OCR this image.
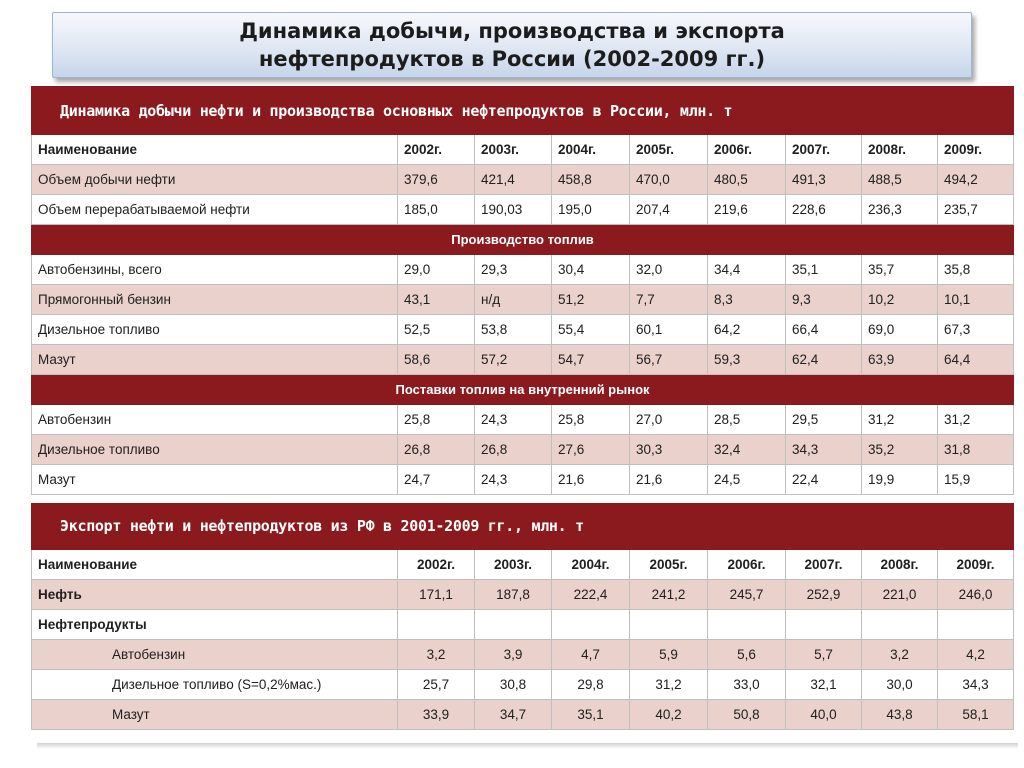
Динамика добычи, производства и экспорта
нефтепродуктов в России (2002-2009 гг.)
Динамика добычи нефти и производства основных нефтепродуктов в России, млн. т								
Наименование	2002г.	2003г.	2004г.	2005г.	2006г.	2007г.	2008г.	2009г.
Объем добычи нефти	379,6	421,4	458,8	470,0	480,5	491,3	488,5	494,2
Объем перерабатываемой нефти	185,0	190,03	195,0	207,4	219,6	228,6	236,3	235,7
Производство топлив								
Автобензины, всего	29,0	29,3	30,4	32,0	34,4	35,1	35,7	35,8
Прямогонный бензин	43,1	н/д	51,2	7,7	8,3	9,3	10,2	10,1
Дизельное топливо	52,5	53,8	55,4	60,1	64,2	66,4	69,0	67,3
Мазут	58,6	57,2	54,7	56,7	59,3	62,4	63,9	64,4
Поставки топлив на внутренний рынок								
Автобензин	25,8	24,3	25,8	27,0	28,5	29,5	31,2	31,2
Дизельное топливо	26,8	26,8	27,6	30,3	32,4	34,3	35,2	31,8
Мазут	24,7	24,3	21,6	21,6	24,5	22,4	19,9	15,9

Экспорт нефти и нефтепродуктов из РФ в 2001-2009 гг., млн. т								
Наименование	2002г.	2003г.	2004г.	2005г.	2006г.	2007г.	2008г.	2009г.
Нефть	171,1	187,8	222,4	241,2	245,7	252,9	221,0	246,0
Нефтепродукты								
Автобензин	3,2	3,9	4,7	5,9	5,6	5,7	3,2	4,2
Дизельное топливо (S=0,2%мас.)	25,7	30,8	29,8	31,2	33,0	32,1	30,0	34,3
Мазут	33,9	34,7	35,1	40,2	50,8	40,0	43,8	58,1
